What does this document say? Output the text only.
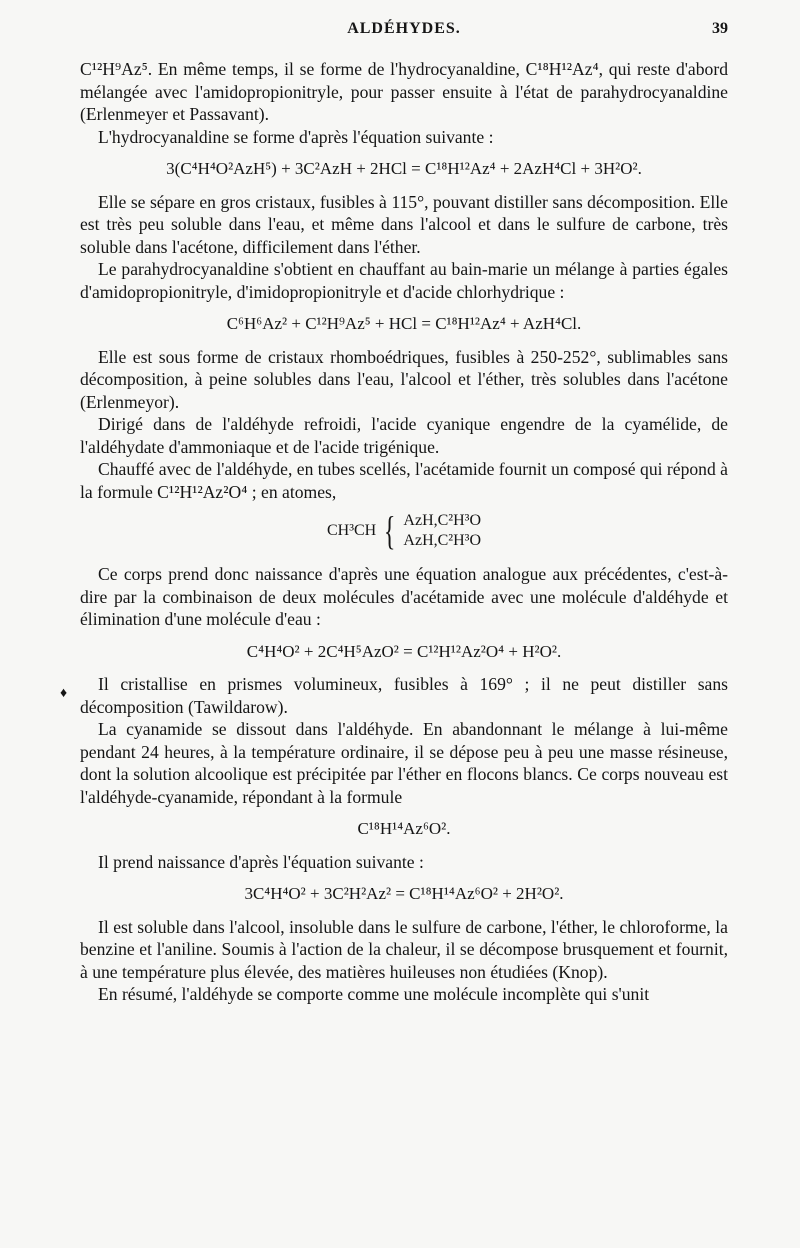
ALDÉHYDES.	39
♦

C¹²H⁹Az⁵. En même temps, il se forme de l'hydrocyanaldine, C¹⁸H¹²Az⁴, qui reste d'abord mélangée avec l'amidopropionitryle, pour passer ensuite à l'état de parahydrocyanaldine (Erlenmeyer et Passavant).

L'hydrocyanaldine se forme d'après l'équation suivante :

3(C⁴H⁴O²AzH⁵) + 3C²AzH + 2HCl = C¹⁸H¹²Az⁴ + 2AzH⁴Cl + 3H²O².

Elle se sépare en gros cristaux, fusibles à 115°, pouvant distiller sans décomposition. Elle est très peu soluble dans l'eau, et même dans l'alcool et dans le sulfure de carbone, très soluble dans l'acétone, difficilement dans l'éther.

Le parahydrocyanaldine s'obtient en chauffant au bain-marie un mélange à parties égales d'amidopropionitryle, d'imidopropionitryle et d'acide chlorhydrique :

C⁶H⁶Az² + C¹²H⁹Az⁵ + HCl = C¹⁸H¹²Az⁴ + AzH⁴Cl.

Elle est sous forme de cristaux rhomboédriques, fusibles à 250-252°, sublimables sans décomposition, à peine solubles dans l'eau, l'alcool et l'éther, très solubles dans l'acétone (Erlenmeyor).

Dirigé dans de l'aldéhyde refroidi, l'acide cyanique engendre de la cyamélide, de l'aldéhydate d'ammoniaque et de l'acide trigénique.

Chauffé avec de l'aldéhyde, en tubes scellés, l'acétamide fournit un composé qui répond à la formule C¹²H¹²Az²O⁴ ; en atomes,

CH³CH { AzH,C²H³O
AzH,C²H³O

Ce corps prend donc naissance d'après une équation analogue aux précédentes, c'est-à-dire par la combinaison de deux molécules d'acétamide avec une molécule d'aldéhyde et élimination d'une molécule d'eau :

C⁴H⁴O² + 2C⁴H⁵AzO² = C¹²H¹²Az²O⁴ + H²O².

Il cristallise en prismes volumineux, fusibles à 169° ; il ne peut distiller sans décomposition (Tawildarow).

La cyanamide se dissout dans l'aldéhyde. En abandonnant le mélange à lui-même pendant 24 heures, à la température ordinaire, il se dépose peu à peu une masse résineuse, dont la solution alcoolique est précipitée par l'éther en flocons blancs. Ce corps nouveau est l'aldéhyde-cyanamide, répondant à la formule

C¹⁸H¹⁴Az⁶O².

Il prend naissance d'après l'équation suivante :

3C⁴H⁴O² + 3C²H²Az² = C¹⁸H¹⁴Az⁶O² + 2H²O².

Il est soluble dans l'alcool, insoluble dans le sulfure de carbone, l'éther, le chloroforme, la benzine et l'aniline. Soumis à l'action de la chaleur, il se décompose brusquement et fournit, à une température plus élevée, des matières huileuses non étudiées (Knop).

En résumé, l'aldéhyde se comporte comme une molécule incomplète qui s'unit
